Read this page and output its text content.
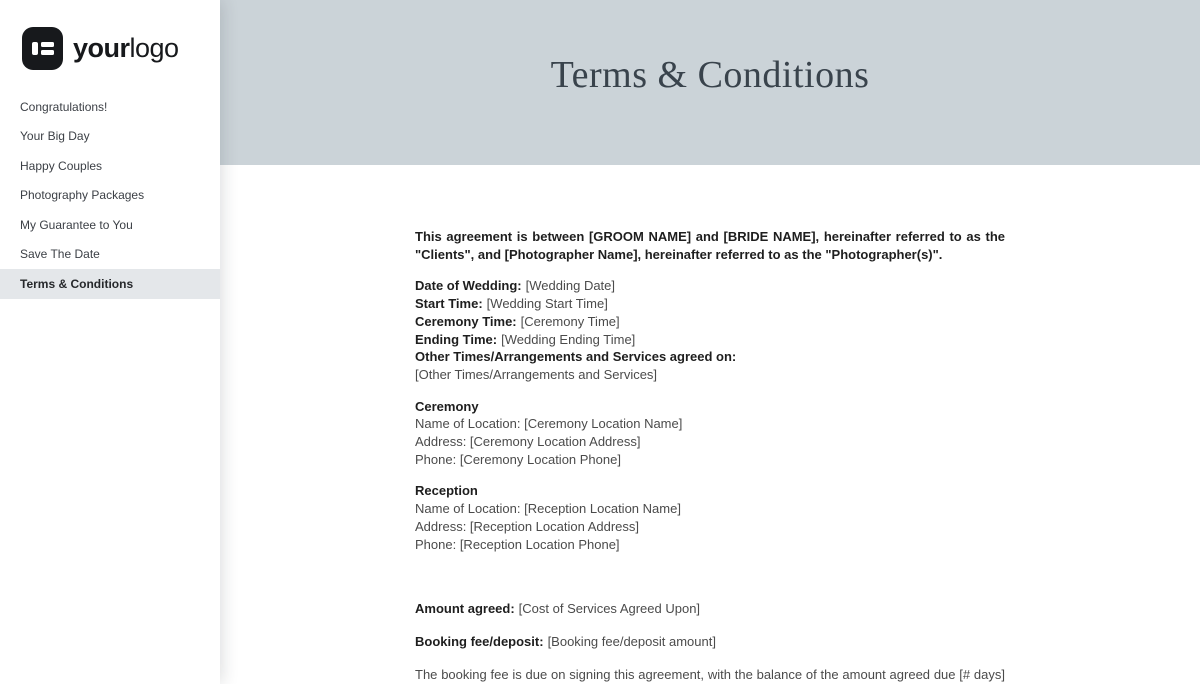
yourlogo
Congratulations!
Your Big Day
Happy Couples
Photography Packages
My Guarantee to You
Save The Date
Terms & Conditions
Terms & Conditions

This agreement is between [GROOM NAME] and [BRIDE NAME], hereinafter referred to as the "Clients", and [Photographer Name], hereinafter referred to as the "Photographer(s)".

Date of Wedding: [Wedding Date]
Start Time: [Wedding Start Time]
Ceremony Time: [Ceremony Time]
Ending Time: [Wedding Ending Time]
Other Times/Arrangements and Services agreed on:
[Other Times/Arrangements and Services]
Ceremony
Name of Location: [Ceremony Location Name]
Address: [Ceremony Location Address]
Phone: [Ceremony Location Phone]
Reception
Name of Location: [Reception Location Name]
Address: [Reception Location Address]
Phone: [Reception Location Phone]
Amount agreed: [Cost of Services Agreed Upon]
Booking fee/deposit: [Booking fee/deposit amount]

The booking fee is due on signing this agreement, with the balance of the amount agreed due [# days]
